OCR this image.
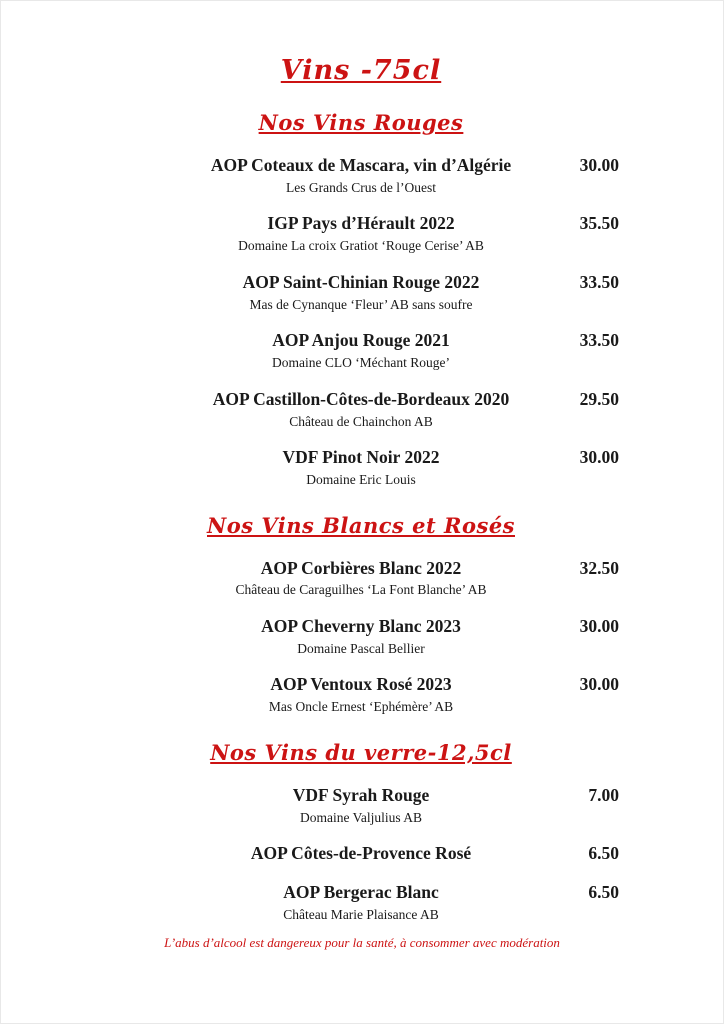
Vins -75cl
Nos Vins Rouges
AOP Coteaux de Mascara, vin d’Algérie	30.00
Les Grands Crus de l’Ouest
IGP Pays d’Hérault 2022	35.50
Domaine La croix Gratiot ‘Rouge Cerise’ AB
AOP Saint-Chinian Rouge 2022	33.50
Mas de Cynanque ‘Fleur’ AB sans soufre
AOP Anjou Rouge 2021	33.50
Domaine CLO ‘Méchant Rouge’
AOP Castillon-Côtes-de-Bordeaux 2020	29.50
Château de Chainchon AB
VDF Pinot Noir 2022	30.00
Domaine Eric Louis
Nos Vins Blancs et Rosés
AOP Corbières Blanc 2022	32.50
Château de Caraguilhes ‘La Font Blanche’ AB
AOP Cheverny Blanc 2023	30.00
Domaine Pascal Bellier
AOP Ventoux Rosé 2023	30.00
Mas Oncle Ernest ‘Ephémère’ AB
Nos Vins du verre-12,5cl
VDF Syrah Rouge	7.00
Domaine Valjulius AB
AOP Côtes-de-Provence Rosé	6.50
AOP Bergerac Blanc	6.50
Château Marie Plaisance AB
L’abus d’alcool est dangereux pour la santé, à consommer avec modération
